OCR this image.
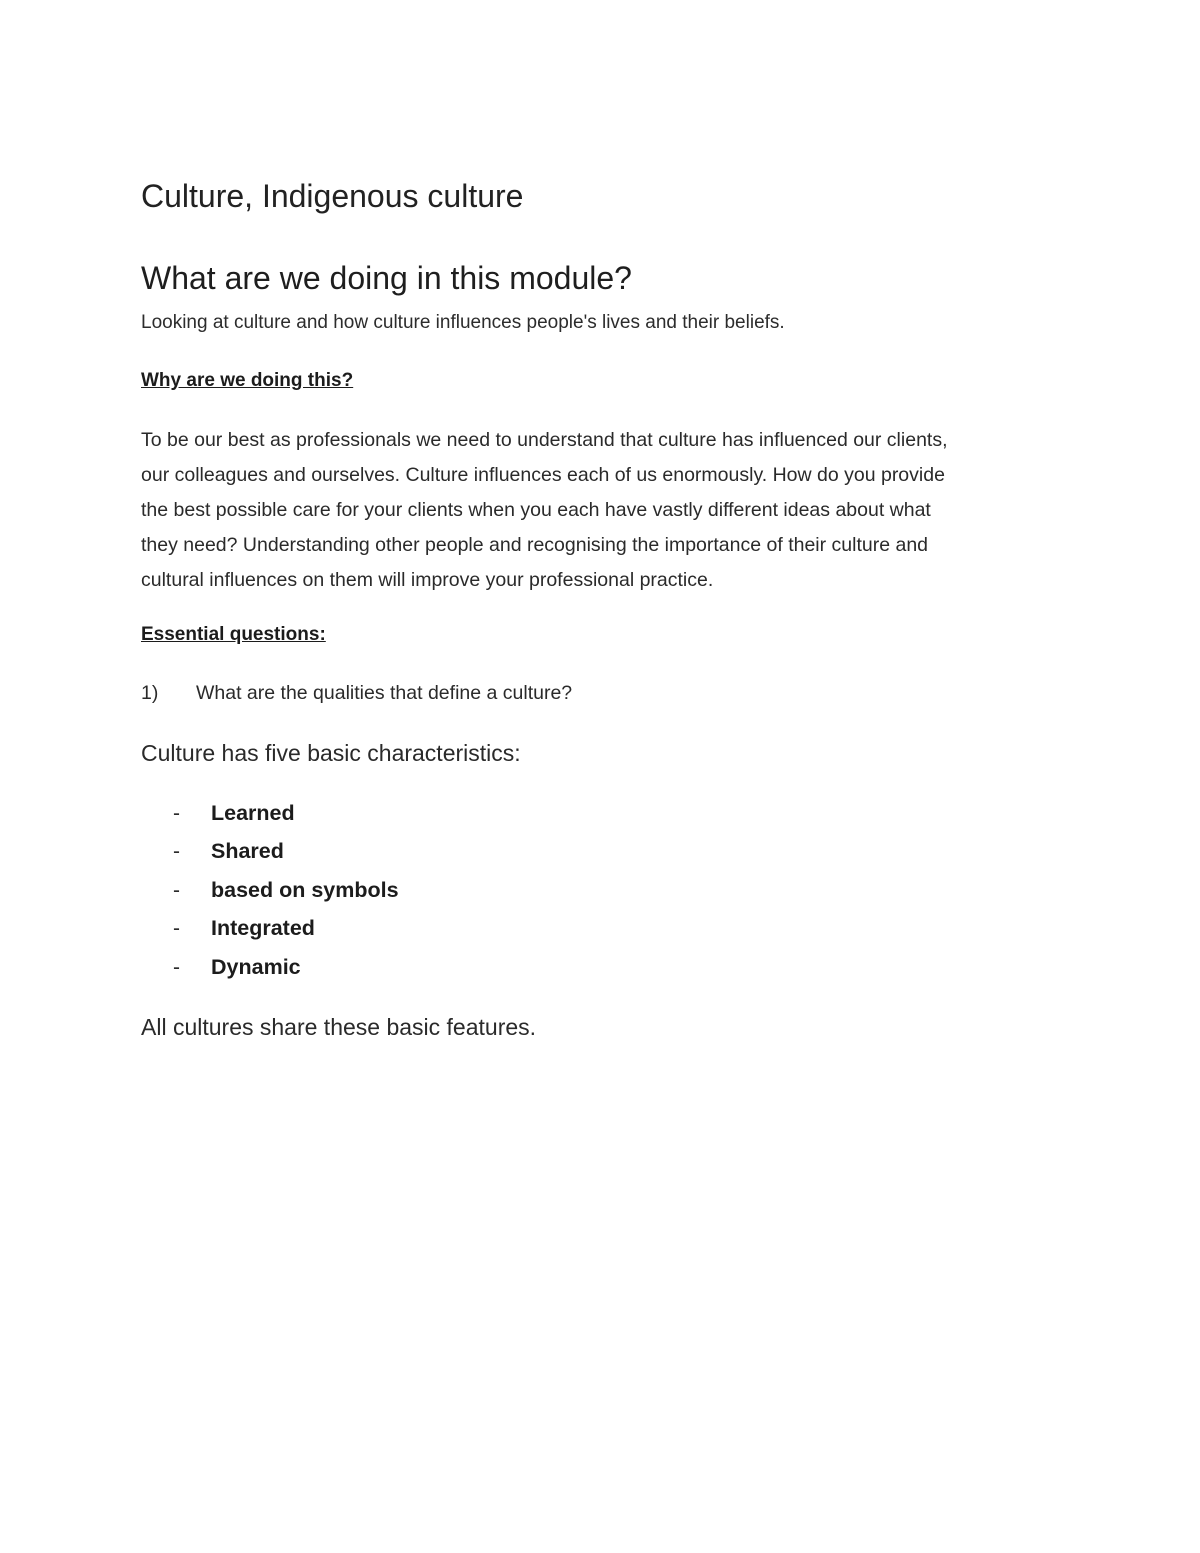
Culture, Indigenous culture
What are we doing in this module?

Looking at culture and how culture influences people's lives and their beliefs.

Why are we doing this?

To be our best as professionals we need to understand that culture has influenced our clients,
our colleagues and ourselves. Culture influences each of us enormously. How do you provide
the best possible care for your clients when you each have vastly different ideas about what
they need? Understanding other people and recognising the importance of their culture and
cultural influences on them will improve your professional practice.

Essential questions:

1) What are the qualities that define a culture?

Culture has five basic characteristics:

- Learned
- Shared
- based on symbols
- Integrated
- Dynamic

All cultures share these basic features.
